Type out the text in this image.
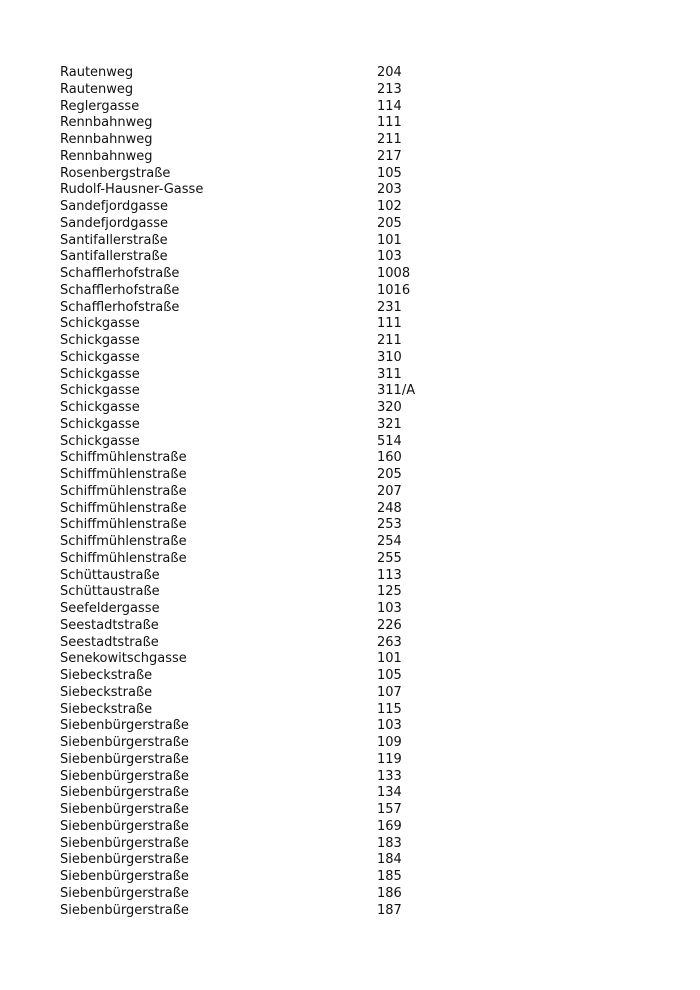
Rautenweg	204
Rautenweg	213
Reglergasse	114
Rennbahnweg	111
Rennbahnweg	211
Rennbahnweg	217
Rosenbergstraße	105
Rudolf-Hausner-Gasse	203
Sandefjordgasse	102
Sandefjordgasse	205
Santifallerstraße	101
Santifallerstraße	103
Schafflerhofstraße	1008
Schafflerhofstraße	1016
Schafflerhofstraße	231
Schickgasse	111
Schickgasse	211
Schickgasse	310
Schickgasse	311
Schickgasse	311/A
Schickgasse	320
Schickgasse	321
Schickgasse	514
Schiffmühlenstraße	160
Schiffmühlenstraße	205
Schiffmühlenstraße	207
Schiffmühlenstraße	248
Schiffmühlenstraße	253
Schiffmühlenstraße	254
Schiffmühlenstraße	255
Schüttaustraße	113
Schüttaustraße	125
Seefeldergasse	103
Seestadtstraße	226
Seestadtstraße	263
Senekowitschgasse	101
Siebeckstraße	105
Siebeckstraße	107
Siebeckstraße	115
Siebenbürgerstraße	103
Siebenbürgerstraße	109
Siebenbürgerstraße	119
Siebenbürgerstraße	133
Siebenbürgerstraße	134
Siebenbürgerstraße	157
Siebenbürgerstraße	169
Siebenbürgerstraße	183
Siebenbürgerstraße	184
Siebenbürgerstraße	185
Siebenbürgerstraße	186
Siebenbürgerstraße	187
